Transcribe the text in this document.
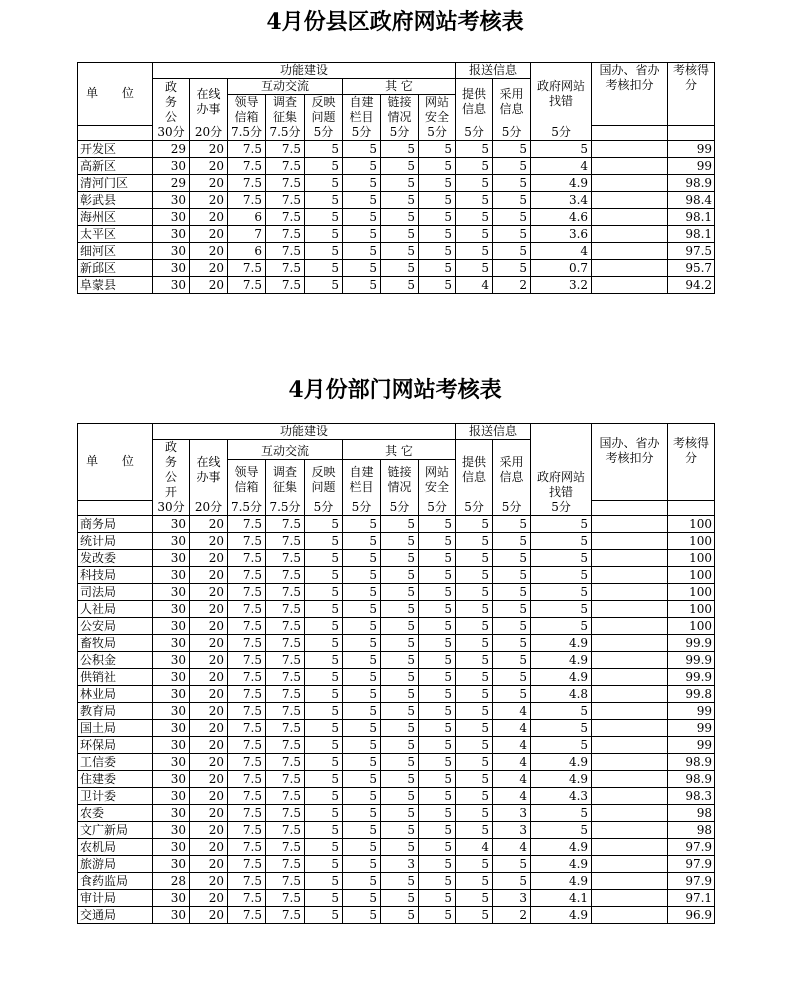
4月份县区政府网站考核表
单 位	功能建设								报送信息		政府网站找错	国办、省办考核扣分	考核得分

	政务公	在线办事	互动交流			其 它			提供信息	采用信息			
			领导信箱	调查征集	反映问题	自建栏目	链接情况	网站安全					

	30分	20分	7.5分	7.5分	5分	5分	5分	5分	5分	5分	5分		
开发区	29	20	7.5	7.5	5	5	5	5	5	5	5		99
高新区	30	20	7.5	7.5	5	5	5	5	5	5	4		99
清河门区	29	20	7.5	7.5	5	5	5	5	5	5	4.9		98.9
彰武县	30	20	7.5	7.5	5	5	5	5	5	5	3.4		98.4
海州区	30	20	6	7.5	5	5	5	5	5	5	4.6		98.1
太平区	30	20	7	7.5	5	5	5	5	5	5	3.6		98.1
细河区	30	20	6	7.5	5	5	5	5	5	5	4		97.5
新邱区	30	20	7.5	7.5	5	5	5	5	5	5	0.7		95.7
阜蒙县	30	20	7.5	7.5	5	5	5	5	4	2	3.2		94.2
4月份部门网站考核表
单 位	功能建设								报送信息		政府网站找错	国办、省办考核扣分	考核得分

	政务公开	在线办事	互动交流			其 它			提供信息	采用信息			
			领导信箱	调查征集	反映问题	自建栏目	链接情况	网站安全					

	30分	20分	7.5分	7.5分	5分	5分	5分	5分	5分	5分	5分		
商务局	30	20	7.5	7.5	5	5	5	5	5	5	5		100
统计局	30	20	7.5	7.5	5	5	5	5	5	5	5		100
发改委	30	20	7.5	7.5	5	5	5	5	5	5	5		100
科技局	30	20	7.5	7.5	5	5	5	5	5	5	5		100
司法局	30	20	7.5	7.5	5	5	5	5	5	5	5		100
人社局	30	20	7.5	7.5	5	5	5	5	5	5	5		100
公安局	30	20	7.5	7.5	5	5	5	5	5	5	5		100
畜牧局	30	20	7.5	7.5	5	5	5	5	5	5	4.9		99.9
公积金	30	20	7.5	7.5	5	5	5	5	5	5	4.9		99.9
供销社	30	20	7.5	7.5	5	5	5	5	5	5	4.9		99.9
林业局	30	20	7.5	7.5	5	5	5	5	5	5	4.8		99.8
教育局	30	20	7.5	7.5	5	5	5	5	5	4	5		99
国土局	30	20	7.5	7.5	5	5	5	5	5	4	5		99
环保局	30	20	7.5	7.5	5	5	5	5	5	4	5		99
工信委	30	20	7.5	7.5	5	5	5	5	5	4	4.9		98.9
住建委	30	20	7.5	7.5	5	5	5	5	5	4	4.9		98.9
卫计委	30	20	7.5	7.5	5	5	5	5	5	4	4.3		98.3
农委	30	20	7.5	7.5	5	5	5	5	5	3	5		98
文广新局	30	20	7.5	7.5	5	5	5	5	5	3	5		98
农机局	30	20	7.5	7.5	5	5	5	5	4	4	4.9		97.9
旅游局	30	20	7.5	7.5	5	5	3	5	5	5	4.9		97.9
食药监局	28	20	7.5	7.5	5	5	5	5	5	5	4.9		97.9
审计局	30	20	7.5	7.5	5	5	5	5	5	3	4.1		97.1
交通局	30	20	7.5	7.5	5	5	5	5	5	2	4.9		96.9
